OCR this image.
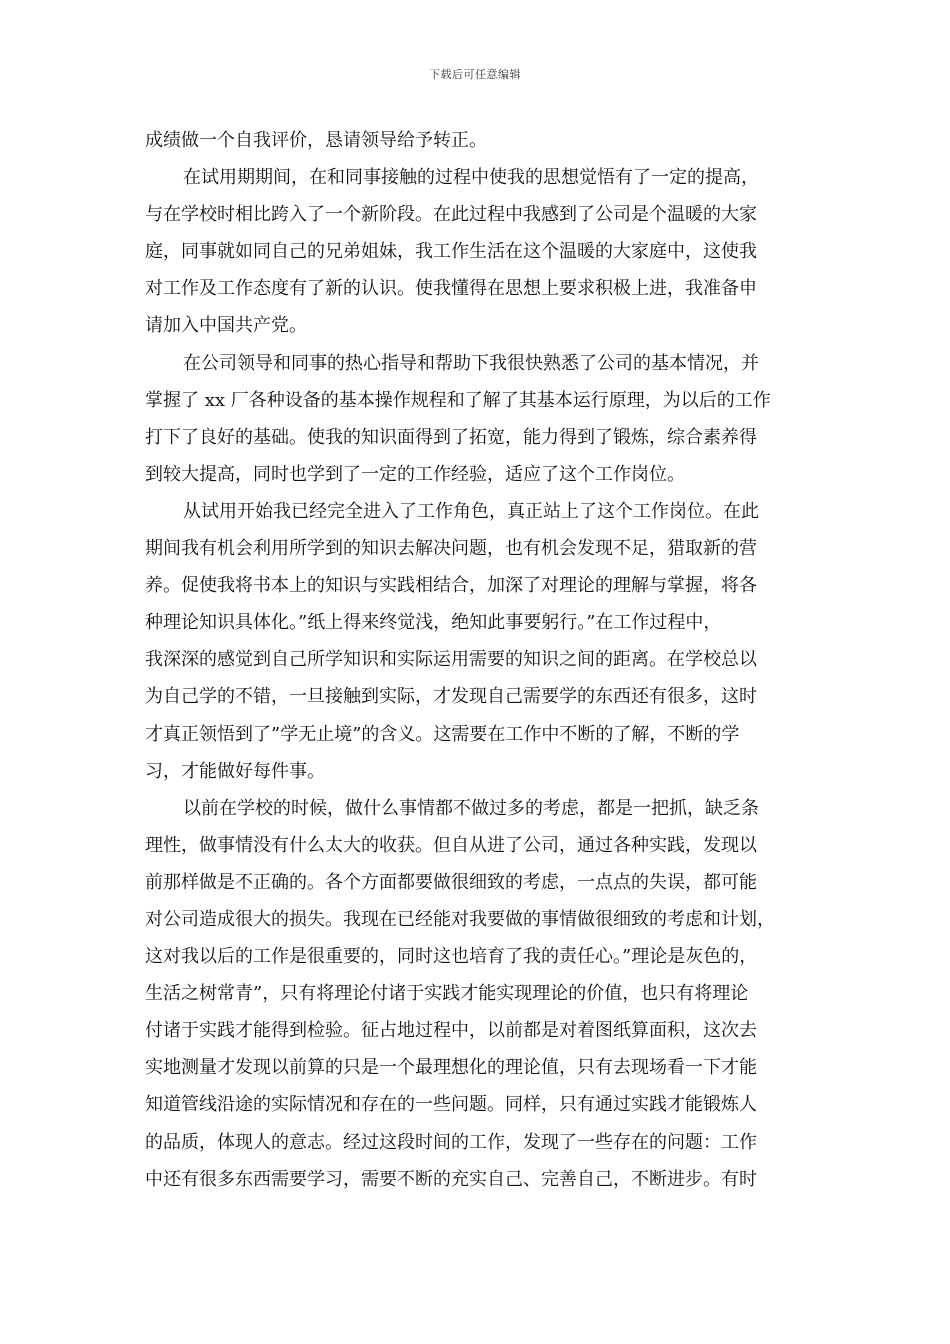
下载后可任意编辑
成绩做一个自我评价，恳请领导给予转正。
在试用期期间，在和同事接触的过程中使我的思想觉悟有了一定的提高，
与在学校时相比跨入了一个新阶段。在此过程中我感到了公司是个温暖的大家
庭，同事就如同自己的兄弟姐妹，我工作生活在这个温暖的大家庭中，这使我
对工作及工作态度有了新的认识。使我懂得在思想上要求积极上进，我准备申
请加入中国共产党。
在公司领导和同事的热心指导和帮助下我很快熟悉了公司的基本情况，并
掌握了 xx 厂各种设备的基本操作规程和了解了其基本运行原理，为以后的工作
打下了良好的基础。使我的知识面得到了拓宽，能力得到了锻炼，综合素养得
到较大提高，同时也学到了一定的工作经验，适应了这个工作岗位。
从试用开始我已经完全进入了工作角色，真正站上了这个工作岗位。在此
期间我有机会利用所学到的知识去解决问题，也有机会发现不足，猎取新的营
养。促使我将书本上的知识与实践相结合，加深了对理论的理解与掌握，将各
种理论知识具体化。”纸上得来终觉浅，绝知此事要躬行。”在工作过程中，
我深深的感觉到自己所学知识和实际运用需要的知识之间的距离。在学校总以
为自己学的不错，一旦接触到实际，才发现自己需要学的东西还有很多，这时
才真正领悟到了”学无止境”的含义。这需要在工作中不断的了解，不断的学
习，才能做好每件事。
以前在学校的时候，做什么事情都不做过多的考虑，都是一把抓，缺乏条
理性，做事情没有什么太大的收获。但自从进了公司，通过各种实践，发现以
前那样做是不正确的。各个方面都要做很细致的考虑，一点点的失误，都可能
对公司造成很大的损失。我现在已经能对我要做的事情做很细致的考虑和计划，
这对我以后的工作是很重要的，同时这也培育了我的责任心。”理论是灰色的，
生活之树常青”，只有将理论付诸于实践才能实现理论的价值，也只有将理论
付诸于实践才能得到检验。征占地过程中，以前都是对着图纸算面积，这次去
实地测量才发现以前算的只是一个最理想化的理论值，只有去现场看一下才能
知道管线沿途的实际情况和存在的一些问题。同样，只有通过实践才能锻炼人
的品质，体现人的意志。经过这段时间的工作，发现了一些存在的问题：工作
中还有很多东西需要学习，需要不断的充实自己、完善自己，不断进步。有时
